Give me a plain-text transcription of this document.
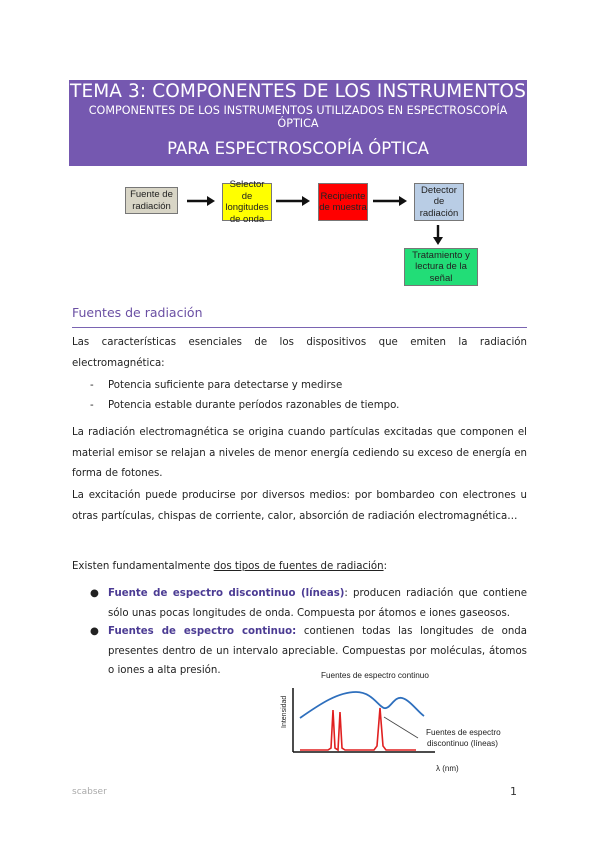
TEMA 3: COMPONENTES DE LOS INSTRUMENTOS
COMPONENTES DE LOS INSTRUMENTOS UTILIZADOS EN ESPECTROSCOPÍA ÓPTICA
PARA ESPECTROSCOPÍA ÓPTICA
Fuente de radiación
Selector de longitudes de onda
Recipiente de muestra
Detector de radiación
Tratamiento y lectura de la señal
Fuentes de radiación

Las características esenciales de los dispositivos que emiten la radiación electromagnética:

- Potencia suficiente para detectarse y medirse
- Potencia estable durante períodos razonables de tiempo.

La radiación electromagnética se origina cuando partículas excitadas que componen el material emisor se relajan a niveles de menor energía cediendo su exceso de energía en forma de fotones.

La excitación puede producirse por diversos medios: por bombardeo con electrones u otras partículas, chispas de corriente, calor, absorción de radiación electromagnética…

Existen fundamentalmente dos tipos de fuentes de radiación:

● Fuente de espectro discontinuo (líneas): producen radiación que contiene sólo unas pocas longitudes de onda. Compuesta por átomos e iones gaseosos.
● Fuentes de espectro continuo: contienen todas las longitudes de onda presentes dentro de un intervalo apreciable. Compuestas por moléculas, átomos o iones a alta presión.	Fuentes de espectro continuo
Fuentes de espectro
discontinuo (líneas)
Intensidad
λ (nm)
scabser	1
